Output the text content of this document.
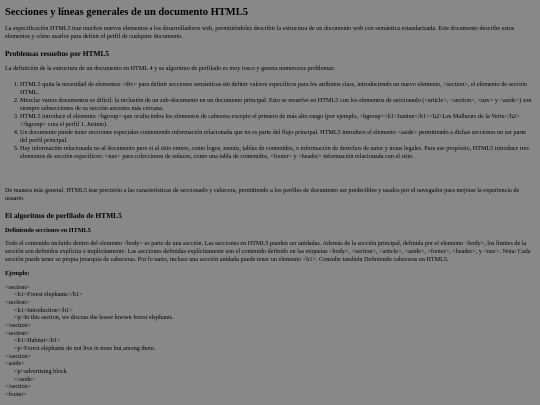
Secciones y líneas generales de un documento HTML5

La especificación HTML5 trae muchos nuevos elementos a los desarrolladores web, permitiéndoles describir la estructura de un documento web con semántica estandarizada. Este documento describe estos elementos y cómo usarlos para definir el perfil de cualquier documento.

Problemas resueltos por HTML5

La definición de la estructura de un documento en HTML 4 y su algoritmo de perfilado es muy tosco y genera numerosos problemas:

1. HTML5 quita la necesidad de elementos <div> para definir secciones semánticas sin definir valores específicos para los atributos class, introduciendo un nuevo elemento, <section>, el elemento de sección HTML.
2. Mezclar varios documentos es difícil: la inclusión de un sub-documento en un documento principal. Esto se resuelve en HTML5 con los elementos de seccionado (<article>, <section>, <nav> y <aside>) son siempre subsecciones de su sección ancestra más cercana.
3. HTML5 introduce el elemento <hgroup> que oculta todos los elementos de cabecera excepto el primero de más alto rango (por ejemplo, <hgroup><h1>Justine</h1><h2>Les Malheurs de la Vertu</h2></hgroup> crea el perfil 1. Justine).
4. Un documento puede tener secciones especiales conteniendo información relacionada que no es parte del flujo principal. HTML5 introduce el elemento <aside> permitiendo a dichas secciones no ser parte del perfil principal.
5. Hay información relacionada no al documento pero si al sitio entero, como logos, menús, tablas de contenidos, o información de derechos de autor y notas legales. Para ese propósito, HTML5 introduce tres elementos de sección específicos: <nav> para colecciones de enlaces, como una tabla de contenidos, <footer> y <header> información relacionada con el sitio.

De manera más general, HTML5 trae precisión a las características de seccionado y cabecera, permitiendo a los perfiles de documento ser predecibles y usados por el navegador para mejorar la experiencia de usuario.

El algoritmo de perfilado de HTML5
Definiendo secciones en HTML5

Todo el contenido incluido dentro del elemento <body> es parte de una sección. Las secciones en HTML5 pueden ser anidadas. Además de la sección principal, definida por el elemento <body>, los límites de la sección son definidos explícita o implícitamente. Las secciones definidas explícitamente son el contenido definido en las etiquetas <body>, <section>, <article>, <aside>, <footer>, <header>, y <nav>. Nota: Cada sección puede tener su propia jerarquía de cabeceras. Por lo tanto, incluso una sección anidada puede tener un elemento <h1>. Consulte también Definiendo cabeceras en HTML5.

Ejemplo:
<section>
<h1>Forest elephants</h1>
<section>
<h1>Introduction</h1>
<p>In this section, we discuss the lesser known forest elephants.
</section>
<section>
<h1>Habitat</h1>
<p>Forest elephants do not live in trees but among them.
</section>
<aside>
<p>advertising block
</aside>
</section>
<footer>
